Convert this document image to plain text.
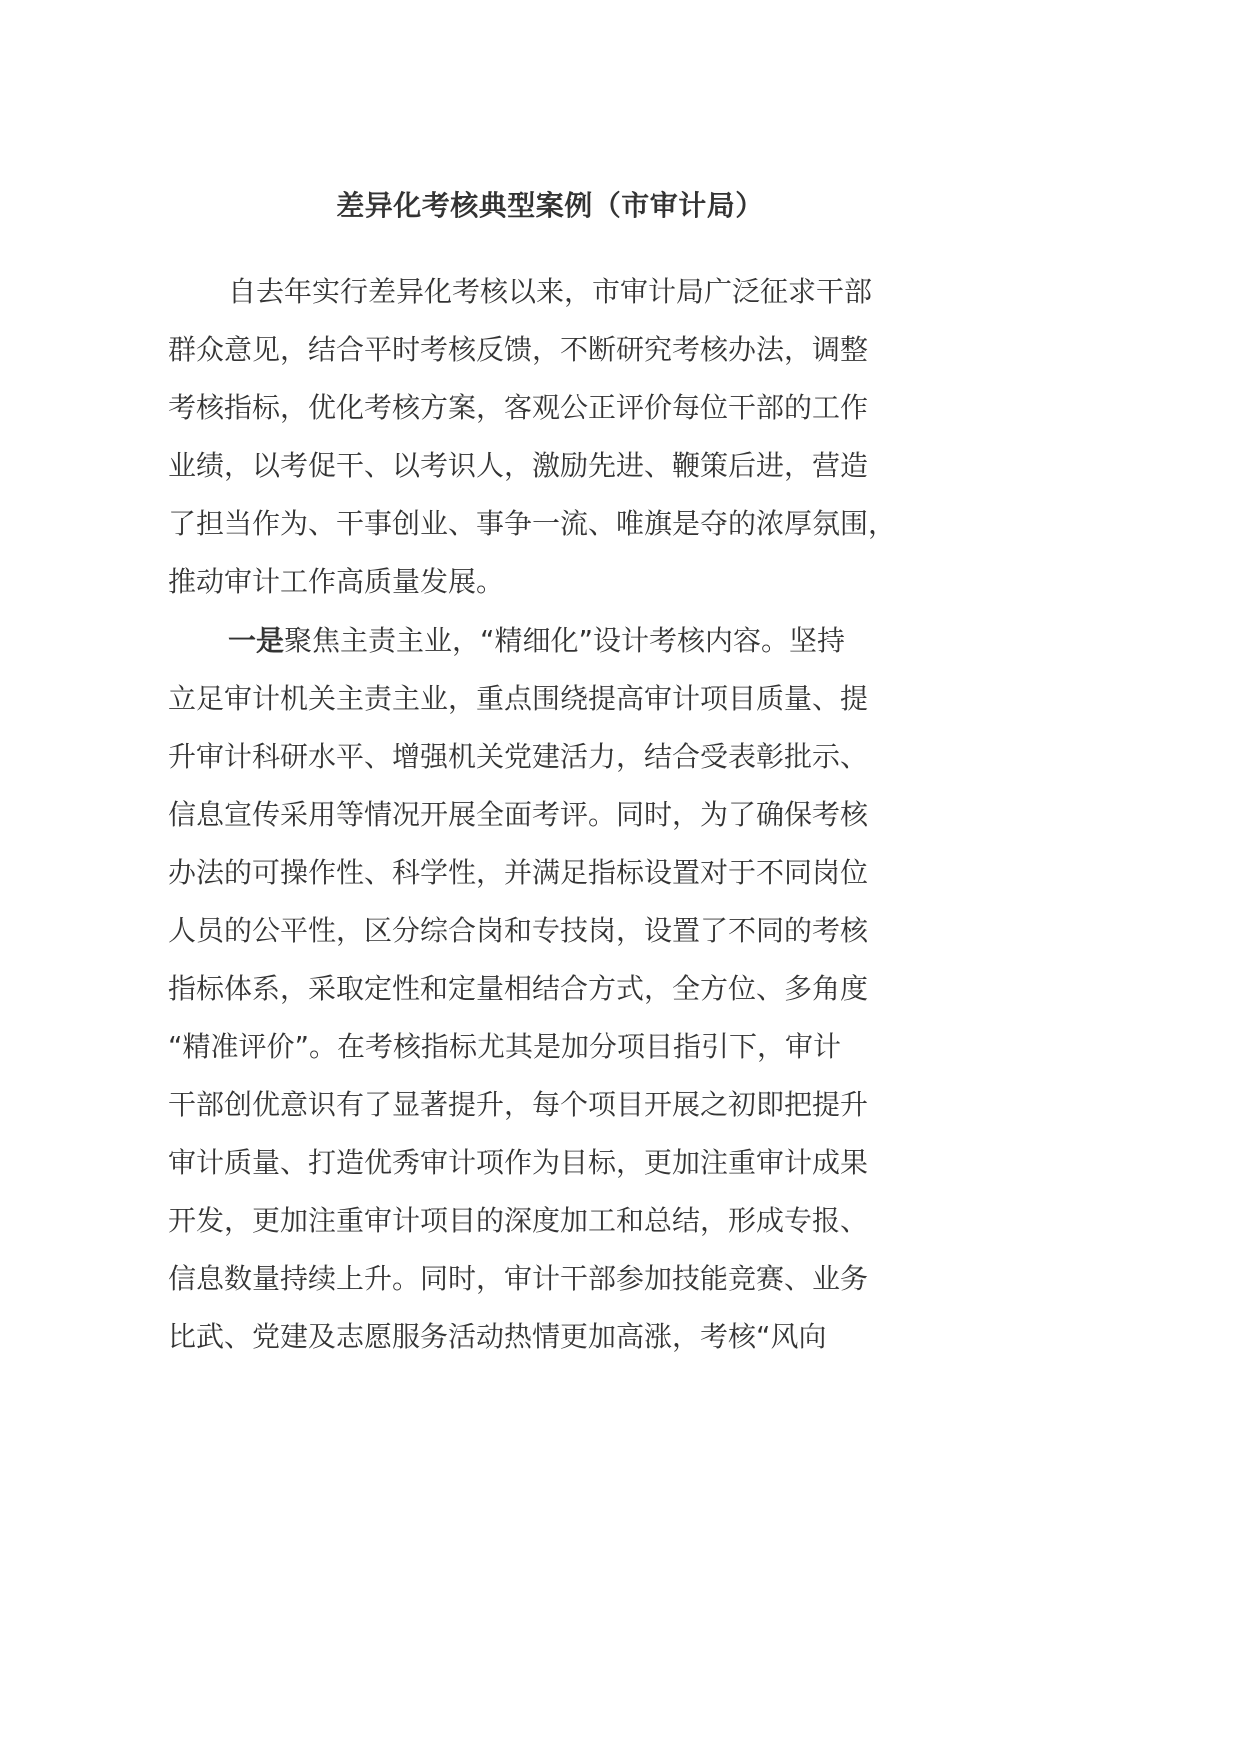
差异化考核典型案例（市审计局）

自去年实行差异化考核以来，市审计局广泛征求干部
群众意见，结合平时考核反馈，不断研究考核办法，调整
考核指标，优化考核方案，客观公正评价每位干部的工作
业绩，以考促干、以考识人，激励先进、鞭策后进，营造
了担当作为、干事创业、事争一流、唯旗是夺的浓厚氛围，
推动审计工作高质量发展。

一是聚焦主责主业，“精细化”设计考核内容。坚持
立足审计机关主责主业，重点围绕提高审计项目质量、提
升审计科研水平、增强机关党建活力，结合受表彰批示、
信息宣传采用等情况开展全面考评。同时，为了确保考核
办法的可操作性、科学性，并满足指标设置对于不同岗位
人员的公平性，区分综合岗和专技岗，设置了不同的考核
指标体系，采取定性和定量相结合方式，全方位、多角度
“精准评价”。在考核指标尤其是加分项目指引下，审计
干部创优意识有了显著提升，每个项目开展之初即把提升
审计质量、打造优秀审计项作为目标，更加注重审计成果
开发，更加注重审计项目的深度加工和总结，形成专报、
信息数量持续上升。同时，审计干部参加技能竞赛、业务
比武、党建及志愿服务活动热情更加高涨，考核“风向
